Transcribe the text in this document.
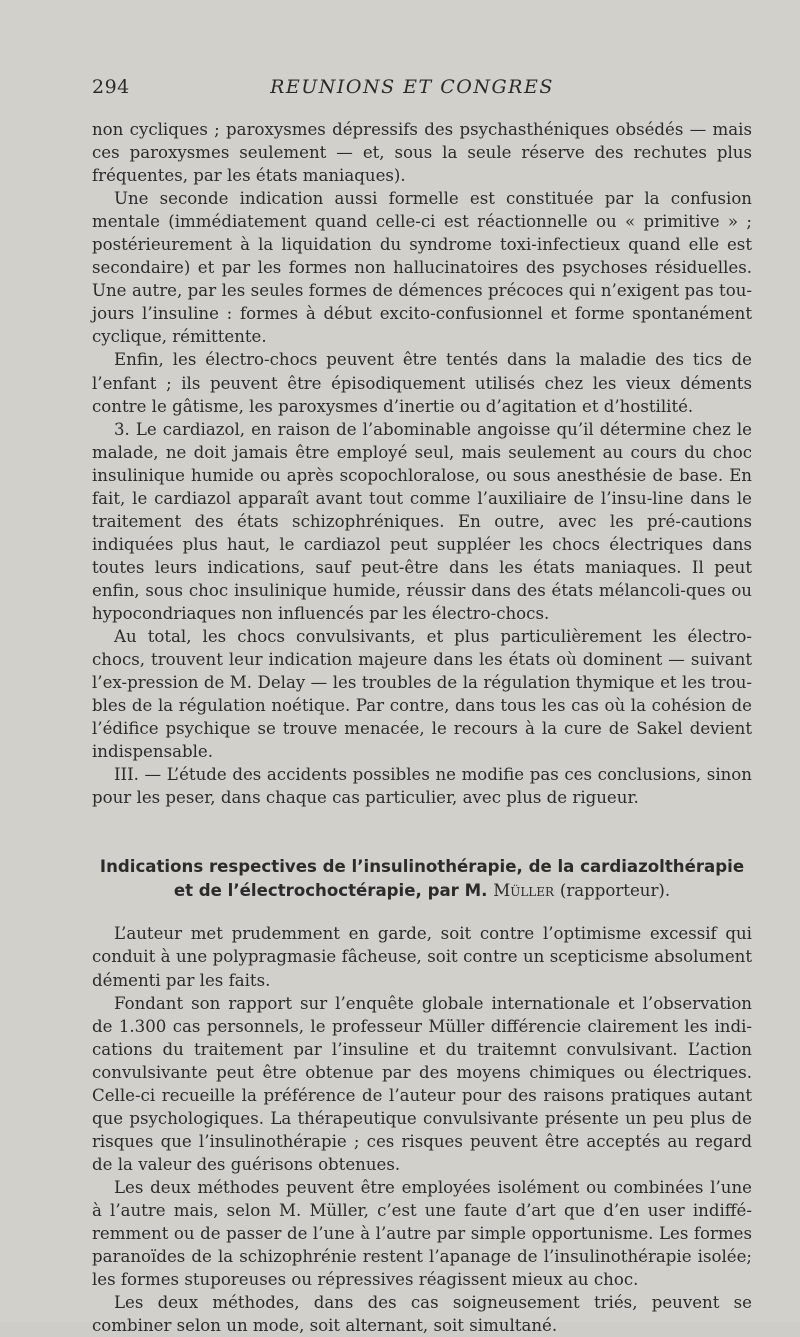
294	REUNIONS ET CONGRES

non cycliques ; paroxysmes dépressifs des psychasthéniques obsédés — mais ces paroxysmes seulement — et, sous la seule réserve des rechutes plus fréquentes, par les états maniaques).

Une seconde indication aussi formelle est constituée par la confusion mentale (immédiatement quand celle-ci est réactionnelle ou « primitive » ; postérieurement à la liquidation du syndrome toxi-infectieux quand elle est secondaire) et par les formes non hallucinatoires des psychoses résiduelles. Une autre, par les seules formes de démences précoces qui n’exigent pas tou-jours l’insuline : formes à début excito-confusionnel et forme spontanément cyclique, rémittente.

Enfin, les électro-chocs peuvent être tentés dans la maladie des tics de l’enfant ; ils peuvent être épisodiquement utilisés chez les vieux déments contre le gâtisme, les paroxysmes d’inertie ou d’agitation et d’hostilité.

3. Le cardiazol, en raison de l’abominable angoisse qu’il détermine chez le malade, ne doit jamais être employé seul, mais seulement au cours du choc insulinique humide ou après scopochloralose, ou sous anesthésie de base. En fait, le cardiazol apparaît avant tout comme l’auxiliaire de l’insu-line dans le traitement des états schizophréniques. En outre, avec les pré-cautions indiquées plus haut, le cardiazol peut suppléer les chocs électriques dans toutes leurs indications, sauf peut-être dans les états maniaques. Il peut enfin, sous choc insulinique humide, réussir dans des états mélancoli-ques ou hypocondriaques non influencés par les électro-chocs.

Au total, les chocs convulsivants, et plus particulièrement les électro-chocs, trouvent leur indication majeure dans les états où dominent — suivant l’ex-pression de M. Delay — les troubles de la régulation thymique et les trou-bles de la régulation noétique. Par contre, dans tous les cas où la cohésion de l’édifice psychique se trouve menacée, le recours à la cure de Sakel devient indispensable.

III. — L’étude des accidents possibles ne modifie pas ces conclusions, sinon pour les peser, dans chaque cas particulier, avec plus de rigueur.

Indications respectives de l’insulinothérapie, de la cardiazolthérapie
et de l’électrochoctérapie, par M. Müller (rapporteur).

L’auteur met prudemment en garde, soit contre l’optimisme excessif qui conduit à une polypragmasie fâcheuse, soit contre un scepticisme absolument démenti par les faits.

Fondant son rapport sur l’enquête globale internationale et l’observation de 1.300 cas personnels, le professeur Müller différencie clairement les indi-cations du traitement par l’insuline et du traitemnt convulsivant. L’action convulsivante peut être obtenue par des moyens chimiques ou électriques. Celle-ci recueille la préférence de l’auteur pour des raisons pratiques autant que psychologiques. La thérapeutique convulsivante présente un peu plus de risques que l’insulinothérapie ; ces risques peuvent être acceptés au regard de la valeur des guérisons obtenues.

Les deux méthodes peuvent être employées isolément ou combinées l’une à l’autre mais, selon M. Müller, c’est une faute d’art que d’en user indiffé-remment ou de passer de l’une à l’autre par simple opportunisme. Les formes paranoïdes de la schizophrénie restent l’apanage de l’insulinothérapie isolée; les formes stuporeuses ou répressives réagissent mieux au choc.

Les deux méthodes, dans des cas soigneusement triés, peuvent se combiner selon un mode, soit alternant, soit simultané.
